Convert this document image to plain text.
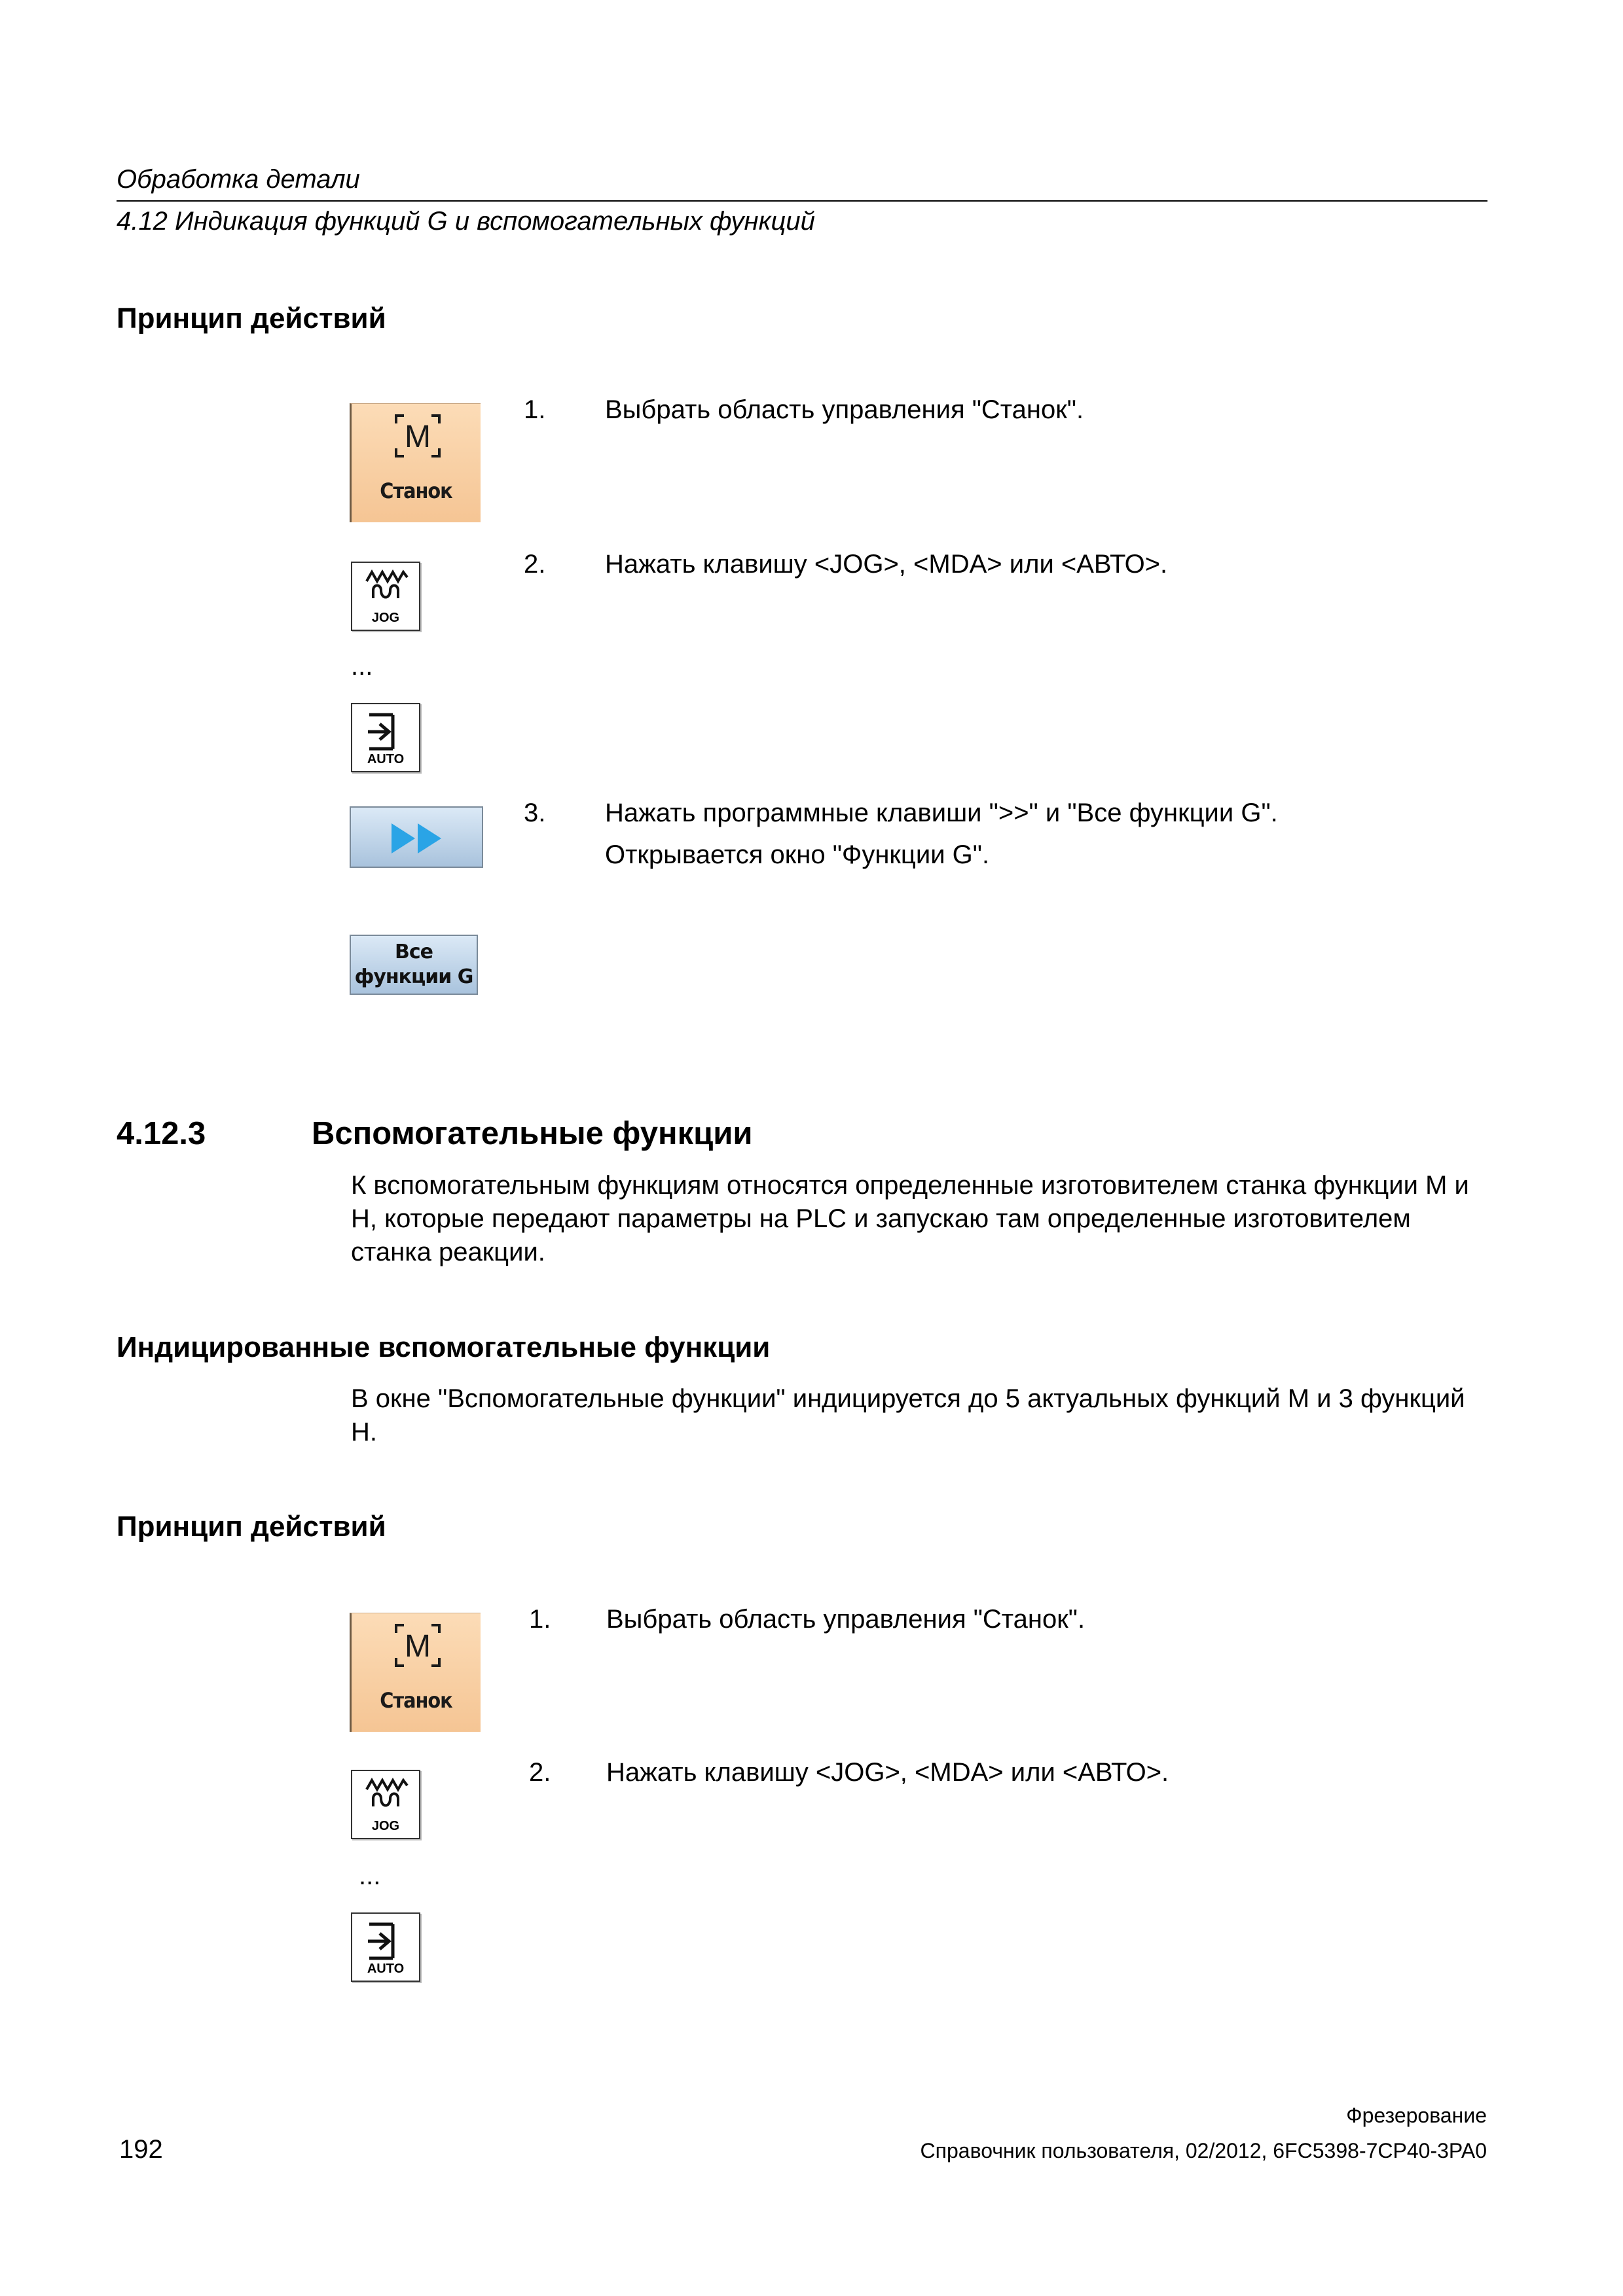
Обработка детали
4.12 Индикация функций G и вспомогательных функций
Принцип действий
M
Станок
1. Выбрать область управления "Станок".
JOG
2. Нажать клавишу <JOG>, <MDA> или <АВТО>.
...
AUTO
3. Нажать программные клавиши ">>" и "Все функции G".
Открывается окно "Функции G".
Все
функции G
4.12.3	Вспомогательные функции
К вспомогательным функциям относятся определенные изготовителем станка функции M и H, которые передают параметры на PLC и запускаю там определенные изготовителем станка реакции.
Индицированные вспомогательные функции
В окне "Вспомогательные функции" индицируется до 5 актуальных функций M и 3 функций H.
Принцип действий
M
Станок
1. Выбрать область управления "Станок".
JOG
2. Нажать клавишу <JOG>, <MDA> или <АВТО>.
...
AUTO
Фрезерование
192	Справочник пользователя, 02/2012, 6FC5398-7CP40-3PA0
